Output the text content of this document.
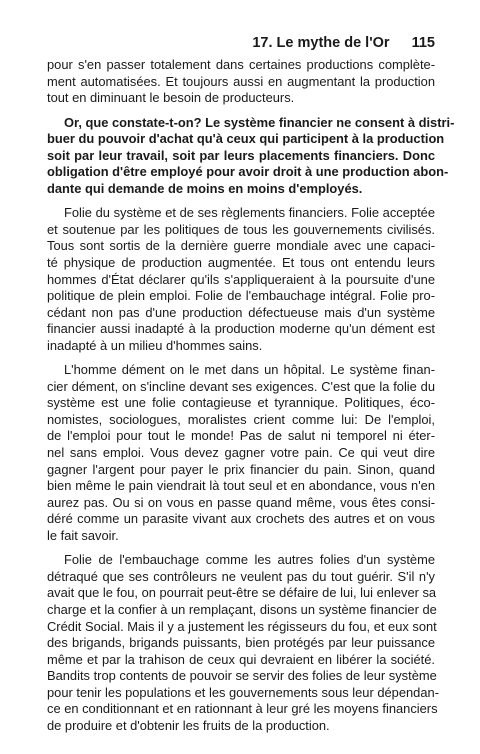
17. Le mythe de l'Or 115
pour s'en passer totalement dans certaines productions complète-
ment automatisées. Et toujours aussi en augmentant la production
tout en diminuant le besoin de producteurs.
Or, que constate-t-on? Le système financier ne consent à distri-
buer du pouvoir d'achat qu'à ceux qui participent à la production
soit par leur travail, soit par leurs placements financiers. Donc
obligation d'être employé pour avoir droit à une production abon-
dante qui demande de moins en moins d'employés.
Folie du système et de ses règlements financiers. Folie acceptée
et soutenue par les politiques de tous les gouvernements civilisés.
Tous sont sortis de la dernière guerre mondiale avec une capaci-
té physique de production augmentée. Et tous ont entendu leurs
hommes d'État déclarer qu'ils s'appliqueraient à la poursuite d'une
politique de plein emploi. Folie de l'embauchage intégral. Folie pro-
cédant non pas d'une production défectueuse mais d'un système
financier aussi inadapté à la production moderne qu'un dément est
inadapté à un milieu d'hommes sains.
L'homme dément on le met dans un hôpital. Le système finan-
cier dément, on s'incline devant ses exigences. C'est que la folie du
système est une folie contagieuse et tyrannique. Politiques, éco-
nomistes, sociologues, moralistes crient comme lui: De l'emploi,
de l'emploi pour tout le monde! Pas de salut ni temporel ni éter-
nel sans emploi. Vous devez gagner votre pain. Ce qui veut dire
gagner l'argent pour payer le prix financier du pain. Sinon, quand
bien même le pain viendrait là tout seul et en abondance, vous n'en
aurez pas. Ou si on vous en passe quand même, vous êtes consi-
déré comme un parasite vivant aux crochets des autres et on vous
le fait savoir.
Folie de l'embauchage comme les autres folies d'un système
détraqué que ses contrôleurs ne veulent pas du tout guérir. S'il n'y
avait que le fou, on pourrait peut-être se défaire de lui, lui enlever sa
charge et la confier à un remplaçant, disons un système financier de
Crédit Social. Mais il y a justement les régisseurs du fou, et eux sont
des brigands, brigands puissants, bien protégés par leur puissance
même et par la trahison de ceux qui devraient en libérer la société.
Bandits trop contents de pouvoir se servir des folies de leur système
pour tenir les populations et les gouvernements sous leur dépendan-
ce en conditionnant et en rationnant à leur gré les moyens financiers
de produire et d'obtenir les fruits de la production.
